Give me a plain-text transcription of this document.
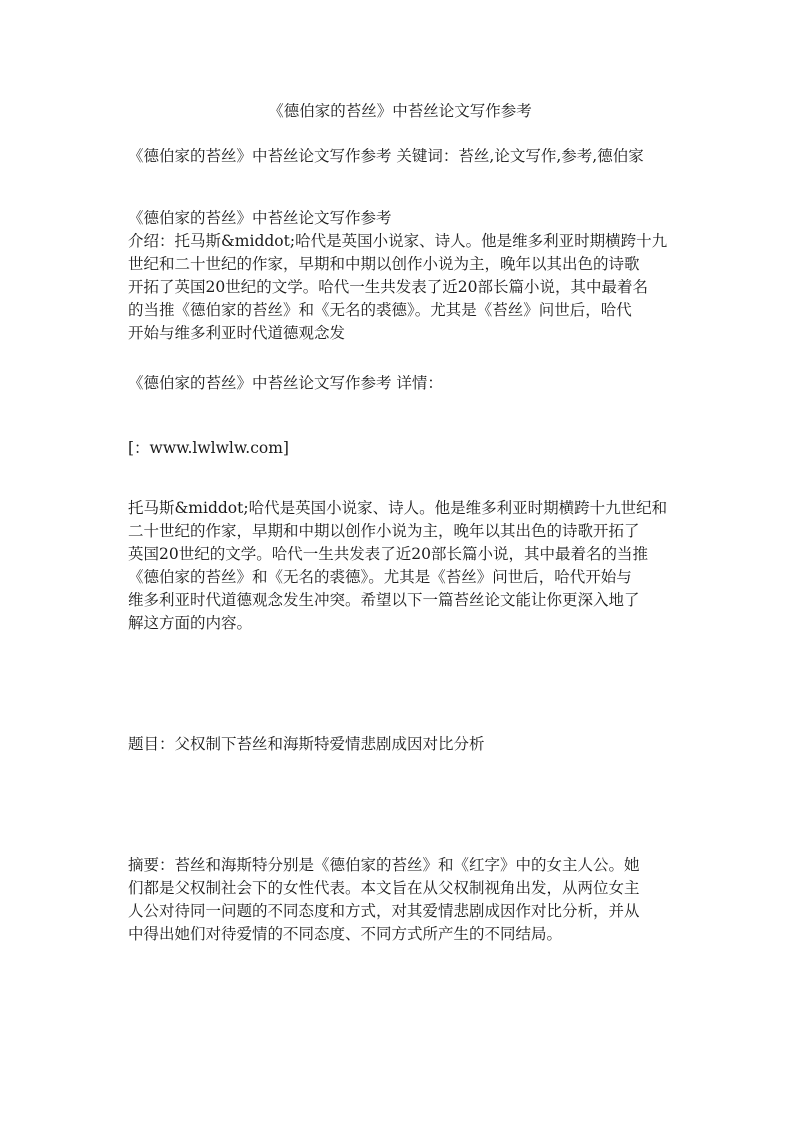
《德伯家的苔丝》中苔丝论文写作参考
《德伯家的苔丝》中苔丝论文写作参考 关键词：苔丝,论文写作,参考,德伯家
《德伯家的苔丝》中苔丝论文写作参考
介绍：托马斯&middot;哈代是英国小说家、诗人。他是维多利亚时期横跨十九
世纪和二十世纪的作家，早期和中期以创作小说为主，晚年以其出色的诗歌
开拓了英国20世纪的文学。哈代一生共发表了近20部长篇小说，其中最着名
的当推《德伯家的苔丝》和《无名的裘德》。尤其是《苔丝》问世后，哈代
开始与维多利亚时代道德观念发
《德伯家的苔丝》中苔丝论文写作参考 详情：
[：www.lwlwlw.com]
托马斯&middot;哈代是英国小说家、诗人。他是维多利亚时期横跨十九世纪和
二十世纪的作家，早期和中期以创作小说为主，晚年以其出色的诗歌开拓了
英国20世纪的文学。哈代一生共发表了近20部长篇小说，其中最着名的当推
《德伯家的苔丝》和《无名的裘德》。尤其是《苔丝》问世后，哈代开始与
维多利亚时代道德观念发生冲突。希望以下一篇苔丝论文能让你更深入地了
解这方面的内容。
题目：父权制下苔丝和海斯特爱情悲剧成因对比分析
摘要：苔丝和海斯特分别是《德伯家的苔丝》和《红字》中的女主人公。她
们都是父权制社会下的女性代表。本文旨在从父权制视角出发，从两位女主
人公对待同一问题的不同态度和方式，对其爱情悲剧成因作对比分析，并从
中得出她们对待爱情的不同态度、不同方式所产生的不同结局。
